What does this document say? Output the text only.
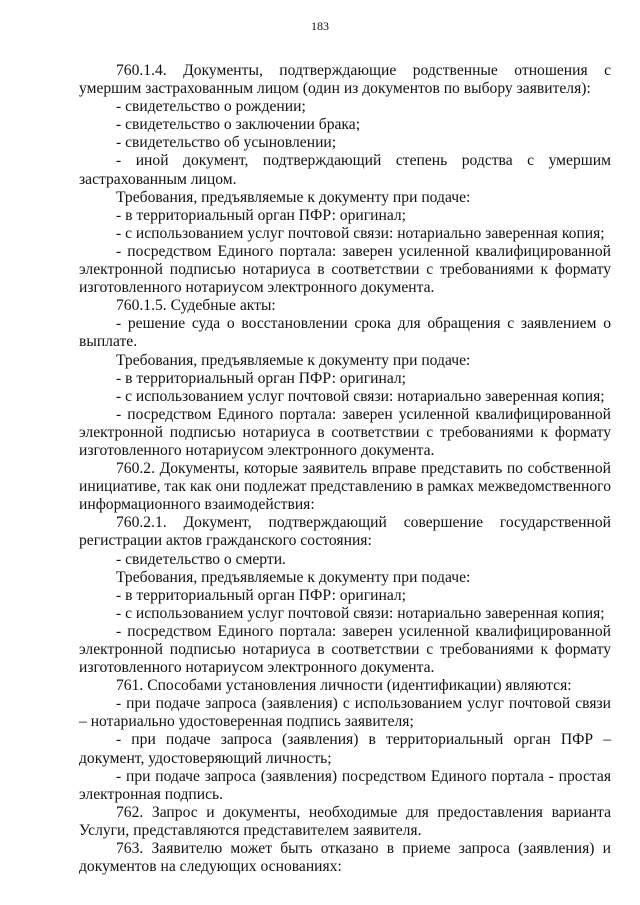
183

760.1.4. Документы, подтверждающие родственные отношения с умершим застрахованным лицом (один из документов по выбору заявителя):

- свидетельство о рождении;

- свидетельство о заключении брака;

- свидетельство об усыновлении;

- иной документ, подтверждающий степень родства с умершим застрахованным лицом.

Требования, предъявляемые к документу при подаче:

- в территориальный орган ПФР: оригинал;

- с использованием услуг почтовой связи: нотариально заверенная копия;

- посредством Единого портала: заверен усиленной квалифицированной электронной подписью нотариуса в соответствии с требованиями к формату изготовленного нотариусом электронного документа.

760.1.5. Судебные акты:

- решение суда о восстановлении срока для обращения с заявлением о выплате.

Требования, предъявляемые к документу при подаче:

- в территориальный орган ПФР: оригинал;

- с использованием услуг почтовой связи: нотариально заверенная копия;

- посредством Единого портала: заверен усиленной квалифицированной электронной подписью нотариуса в соответствии с требованиями к формату изготовленного нотариусом электронного документа.

760.2. Документы, которые заявитель вправе представить по собственной инициативе, так как они подлежат представлению в рамках межведомственного информационного взаимодействия:

760.2.1. Документ, подтверждающий совершение государственной регистрации актов гражданского состояния:

- свидетельство о смерти.

Требования, предъявляемые к документу при подаче:

- в территориальный орган ПФР: оригинал;

- с использованием услуг почтовой связи: нотариально заверенная копия;

- посредством Единого портала: заверен усиленной квалифицированной электронной подписью нотариуса в соответствии с требованиями к формату изготовленного нотариусом электронного документа.

761. Способами установления личности (идентификации) являются:

- при подаче запроса (заявления) с использованием услуг почтовой связи – нотариально удостоверенная подпись заявителя;

- при подаче запроса (заявления) в территориальный орган ПФР – документ, удостоверяющий личность;

- при подаче запроса (заявления) посредством Единого портала - простая электронная подпись.

762. Запрос и документы, необходимые для предоставления варианта Услуги, представляются представителем заявителя.

763. Заявителю может быть отказано в приеме запроса (заявления) и документов на следующих основаниях:
